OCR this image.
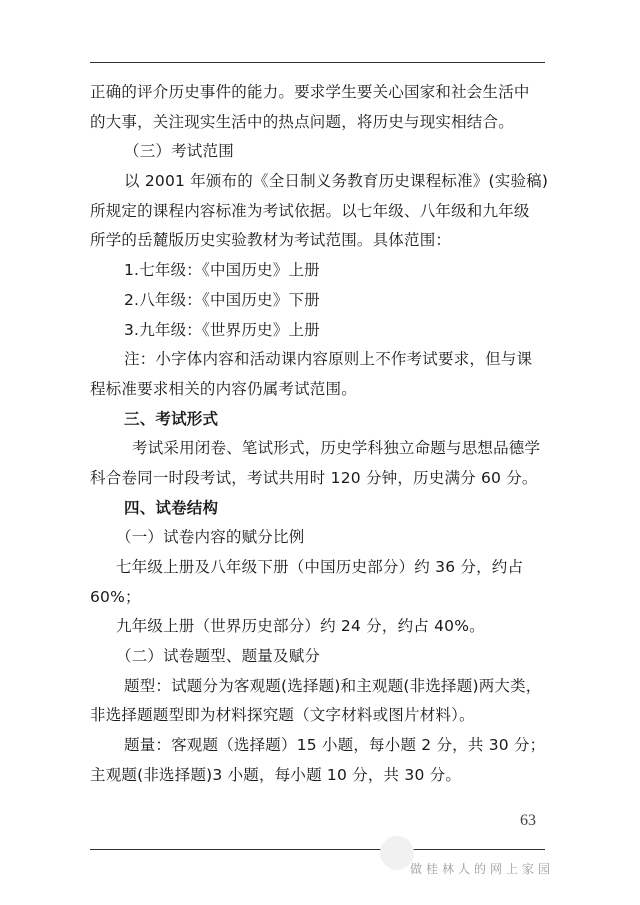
正确的评介历史事件的能力。要求学生要关心国家和社会生活中
的大事，关注现实生活中的热点问题，将历史与现实相结合。
（三）考试范围
以 2001 年颁布的《全日制义务教育历史课程标准》(实验稿)
所规定的课程内容标准为考试依据。以七年级、八年级和九年级
所学的岳麓版历史实验教材为考试范围。具体范围：
1.七年级：《中国历史》上册
2.八年级：《中国历史》下册
3.九年级：《世界历史》上册
注：小字体内容和活动课内容原则上不作考试要求，但与课
程标准要求相关的内容仍属考试范围。
三、考试形式
考试采用闭卷、笔试形式，历史学科独立命题与思想品德学
科合卷同一时段考试，考试共用时 120 分钟，历史满分 60 分。
四、试卷结构
（一）试卷内容的赋分比例
七年级上册及八年级下册（中国历史部分）约 36 分，约占
60%；
九年级上册（世界历史部分）约 24 分，约占 40%。
（二）试卷题型、题量及赋分
题型：试题分为客观题(选择题)和主观题(非选择题)两大类，
非选择题题型即为材料探究题（文字材料或图片材料）。
题量：客观题（选择题）15 小题，每小题 2 分，共 30 分；
主观题(非选择题)3 小题，每小题 10 分，共 30 分。
63
做桂林人的网上家园
